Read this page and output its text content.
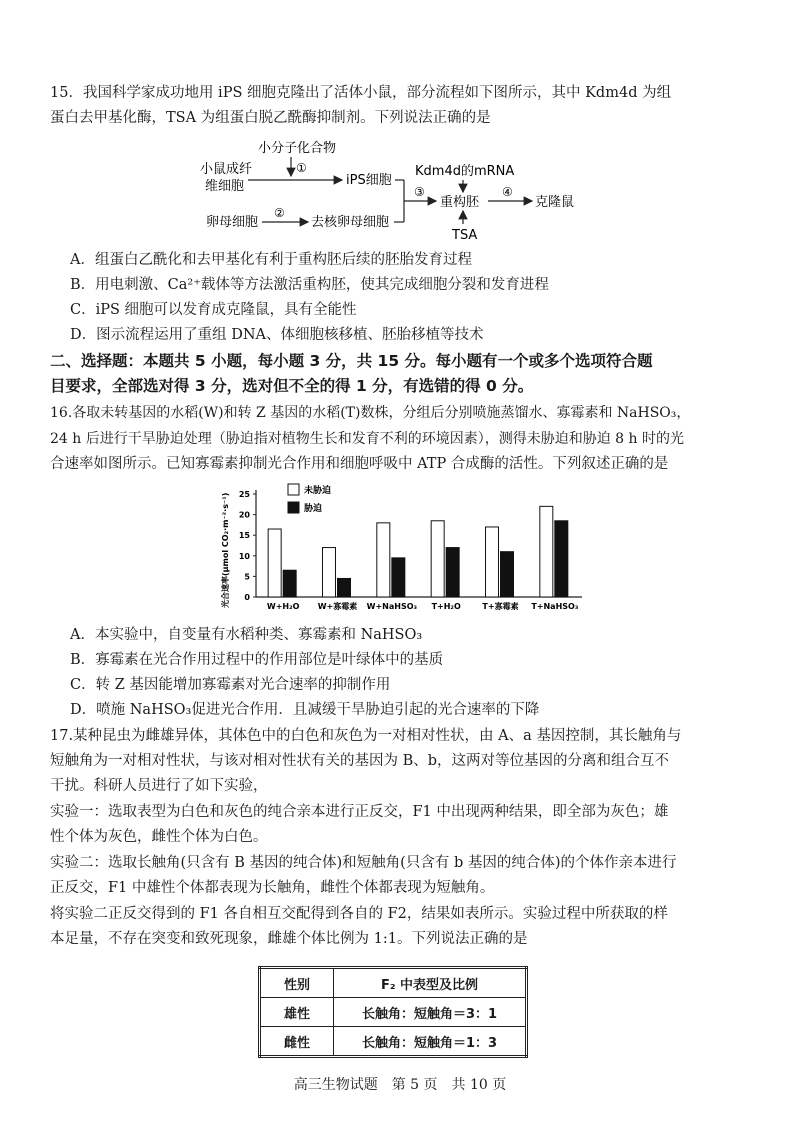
15．我国科学家成功地用 iPS 细胞克隆出了活体小鼠，部分流程如下图所示，其中 Kdm4d 为组
蛋白去甲基化酶，TSA 为组蛋白脱乙酰酶抑制剂。下列说法正确的是
小分子化合物
①
小鼠成纤
维细胞	iPS细胞
Kdm4d的mRNA
卵母细胞
②
去核卵母细胞
③
重构胚
TSA
④
克隆鼠
A．组蛋白乙酰化和去甲基化有利于重构胚后续的胚胎发育过程
B．用电刺激、Ca²⁺载体等方法激活重构胚，使其完成细胞分裂和发育进程
C．iPS 细胞可以发育成克隆鼠，具有全能性
D．图示流程运用了重组 DNA、体细胞核移植、胚胎移植等技术
二、选择题：本题共 5 小题，每小题 3 分，共 15 分。每小题有一个或多个选项符合题
目要求，全部选对得 3 分，选对但不全的得 1 分，有选错的得 0 分。
16.各取未转基因的水稻(W)和转 Z 基因的水稻(T)数株，分组后分别喷施蒸馏水、寡霉素和 NaHSO₃，
24 h 后进行干旱胁迫处理（胁迫指对植物生长和发育不利的环境因素），测得未胁迫和胁迫 8 h 时的光
合速率如图所示。已知寡霉素抑制光合作用和细胞呼吸中 ATP 合成酶的活性。下列叙述正确的是
光合速率(μmol CO₂·m⁻²·s⁻¹) 0
5
10
15
20
25
W+H₂O W+寡霉素 W+NaHSO₃ T+H₂O	T+寡霉素 T+NaHSO₃
未胁迫
胁迫
A．本实验中，自变量有水稻种类、寡霉素和 NaHSO₃
B．寡霉素在光合作用过程中的作用部位是叶绿体中的基质
C．转 Z 基因能增加寡霉素对光合速率的抑制作用
D．喷施 NaHSO₃促进光合作用．且减缓干旱胁迫引起的光合速率的下降
17.某种昆虫为雌雄异体，其体色中的白色和灰色为一对相对性状，由 A、a 基因控制，其长触角与
短触角为一对相对性状，与该对相对性状有关的基因为 B、b，这两对等位基因的分离和组合互不
干扰。科研人员进行了如下实验，
实验一：选取表型为白色和灰色的纯合亲本进行正反交，F1 中出现两种结果，即全部为灰色；雄
性个体为灰色，雌性个体为白色。
实验二：选取长触角(只含有 B 基因的纯合体)和短触角(只含有 b 基因的纯合体)的个体作亲本进行
正反交，F1 中雄性个体都表现为长触角，雌性个体都表现为短触角。
将实验二正反交得到的 F1 各自相互交配得到各自的 F2，结果如表所示。实验过程中所获取的样
本足量，不存在突变和致死现象，雌雄个体比例为 1:1。下列说法正确的是
性别	F₂ 中表型及比例
雄性	长触角：短触角＝3：1
雌性	长触角：短触角＝1：3
高三生物试题　第 5 页　共 10 页
